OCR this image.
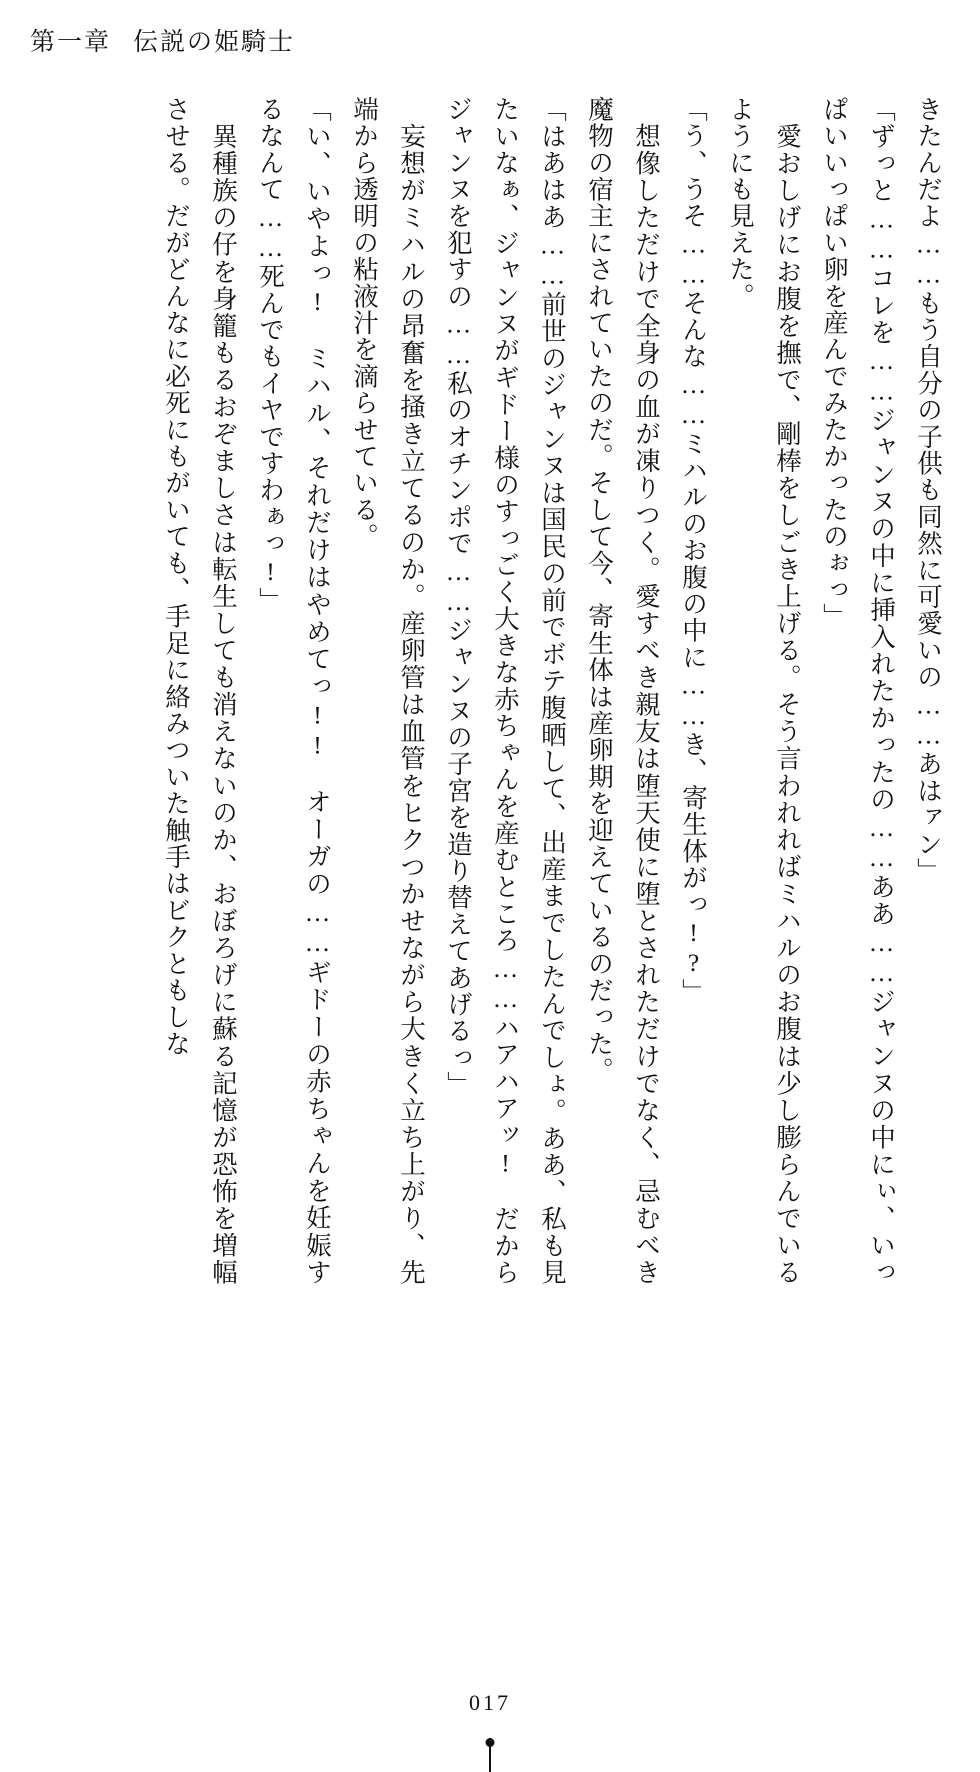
第一章 伝説の姫騎士

きたんだよ……もう自分の子供も同然に可愛いの……あはァン」

「ずっと……コレを……ジャンヌの中に挿入れたかったの……ああ……ジャンヌの中にぃ、いっぱいいっぱい卵を産んでみたかったのぉっ」

　愛おしげにお腹を撫で、剛棒をしごき上げる。そう言われればミハルのお腹は少し膨らんでいるようにも見えた。

「う、うそ……そんな……ミハルのお腹の中に……き、寄生体がっ!?」

　想像しただけで全身の血が凍りつく。愛すべき親友は堕天使に堕とされただけでなく、忌むべき魔物の宿主にされていたのだ。そして今、寄生体は産卵期を迎えているのだった。

「はあはあ……前世のジャンヌは国民の前でボテ腹晒して、出産までしたんでしょ。ああ、私も見たいなぁ、ジャンヌがギドー様のすっごく大きな赤ちゃんを産むところ……ハアハアッ!　だからジャンヌを犯すの……私のオチンポで……ジャンヌの子宮を造り替えてあげるっ」

　妄想がミハルの昂奮を掻き立てるのか。産卵管は血管をヒクつかせながら大きく立ち上がり、先端から透明の粘液汁を滴らせている。

「い、いやよっ!　ミハル、それだけはやめてっ!!　オーガの……ギドーの赤ちゃんを妊娠するなんて……死んでもイヤですわぁっ!」

　異種族の仔を身籠もるおぞましさは転生しても消えないのか、おぼろげに蘇る記憶が恐怖を増幅させる。だがどんなに必死にもがいても、手足に絡みついた触手はビクともしな

017
